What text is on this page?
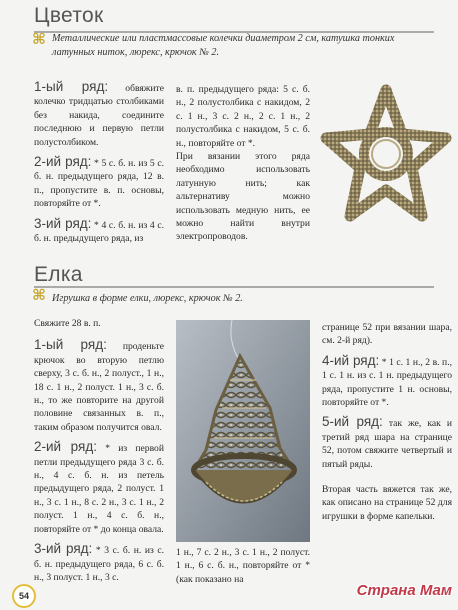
Цветок
⌘ Металлические или пластмассовые колечки диаметром 2 см, катушка тонких латунных ниток, люрекс, крючок № 2.
1-ый ряд: обвяжите колечко тридцатью столбиками без накида, соедините последнюю и первую петли полустолбиком.
2-ий ряд: * 5 с. б. н. из 5 с. б. н. предыдущего ряда, 12 в. п., пропустите в. п. основы, повторяйте от *.
3-ий ряд: * 4 с. б. н. из 4 с. б. н. предыдущего ряда, из
в. п. предыдущего ряда: 5 с. б. н., 2 полустолбика с накидом, 2 с. 1 н., 3 с. 2 н., 2 с. 1 н., 2 полустолбика с накидом, 5 с. б. н., повторяйте от *.
При вязании этого ряда необходимо использовать латунную нить; как альтернативу можно использовать медную нить, ее можно найти внутри электропроводов.
Елка
⌘ Игрушка в форме елки, люрекс, крючок № 2.
Свяжите 28 в. п.
1-ый ряд: проденьте крючок во вторую петлю сверху, 3 с. б. н., 2 полуст., 1 н., 18 с. 1 н., 2 полуст. 1 н., 3 с. б. н., то же повторите на другой половине связанных в. п., таким образом получится овал.
2-ий ряд: * из первой петли предыдущего ряда 3 с. б. н., 4 с. б. н. из петель предыдущего ряда, 2 полуст. 1 н., 3 с. 1 н., 8 с. 2 н., 3 с. 1 н., 2 полуст. 1 н., 4 с. б. н., повторяйте от * до конца овала.
3-ий ряд: * 3 с. б. н. из с. б. н. предыдущего ряда, 6 с. б. н., 3 полуст. 1 н., 3 с.
1 н., 7 с. 2 н., 3 с. 1 н., 2 полуст. 1 н., 6 с. б. н., повторяйте от * (как показано на
странице 52 при вязании шара, см. 2-й ряд).
4-ий ряд: * 1 с. 1 н., 2 в. п., 1 с. 1 н. из с. 1 н. предыдущего ряда, пропустите 1 н. основы, повторяйте от *.
5-ий ряд: так же, как и третий ряд шара на странице 52, потом свяжите четвертый и пятый ряды.
Вторая часть вяжется так же, как описано на странице 52 для игрушки в форме капельки.
54	Страна Мам
